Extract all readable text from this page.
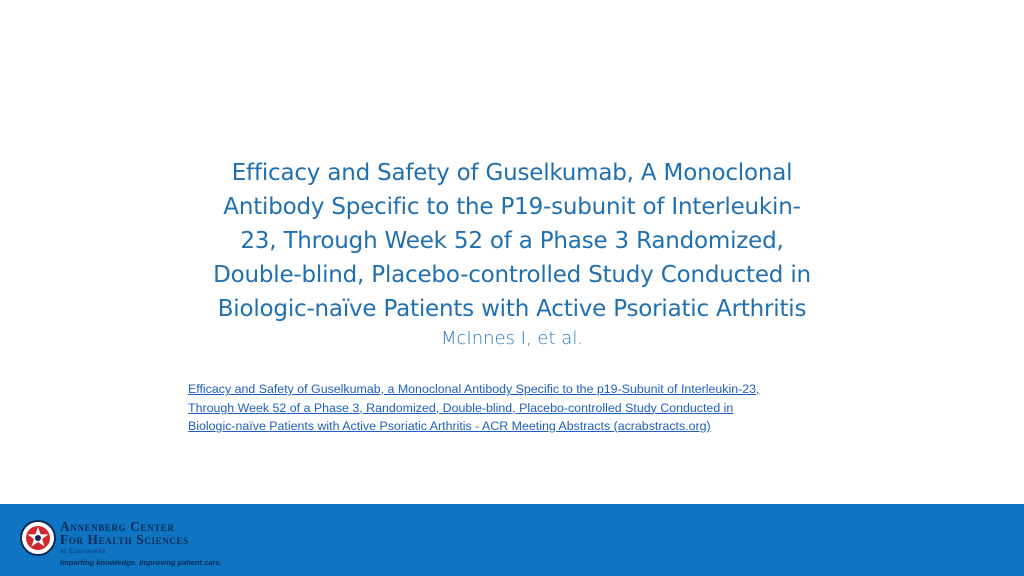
Efficacy and Safety of Guselkumab, A Monoclonal
Antibody Specific to the P19-subunit of Interleukin-
23, Through Week 52 of a Phase 3 Randomized,
Double-blind, Placebo-controlled Study Conducted in
Biologic-naïve Patients with Active Psoriatic Arthritis
McInnes I, et al.
Efficacy and Safety of Guselkumab, a Monoclonal Antibody Specific to the p19-Subunit of Interleukin-23,
Through Week 52 of a Phase 3, Randomized, Double-blind, Placebo-controlled Study Conducted in
Biologic-naïve Patients with Active Psoriatic Arthritis - ACR Meeting Abstracts (acrabstracts.org)
Annenberg Center
For Health Sciences
at Eisenhower
Imparting knowledge. Improving patient care.
